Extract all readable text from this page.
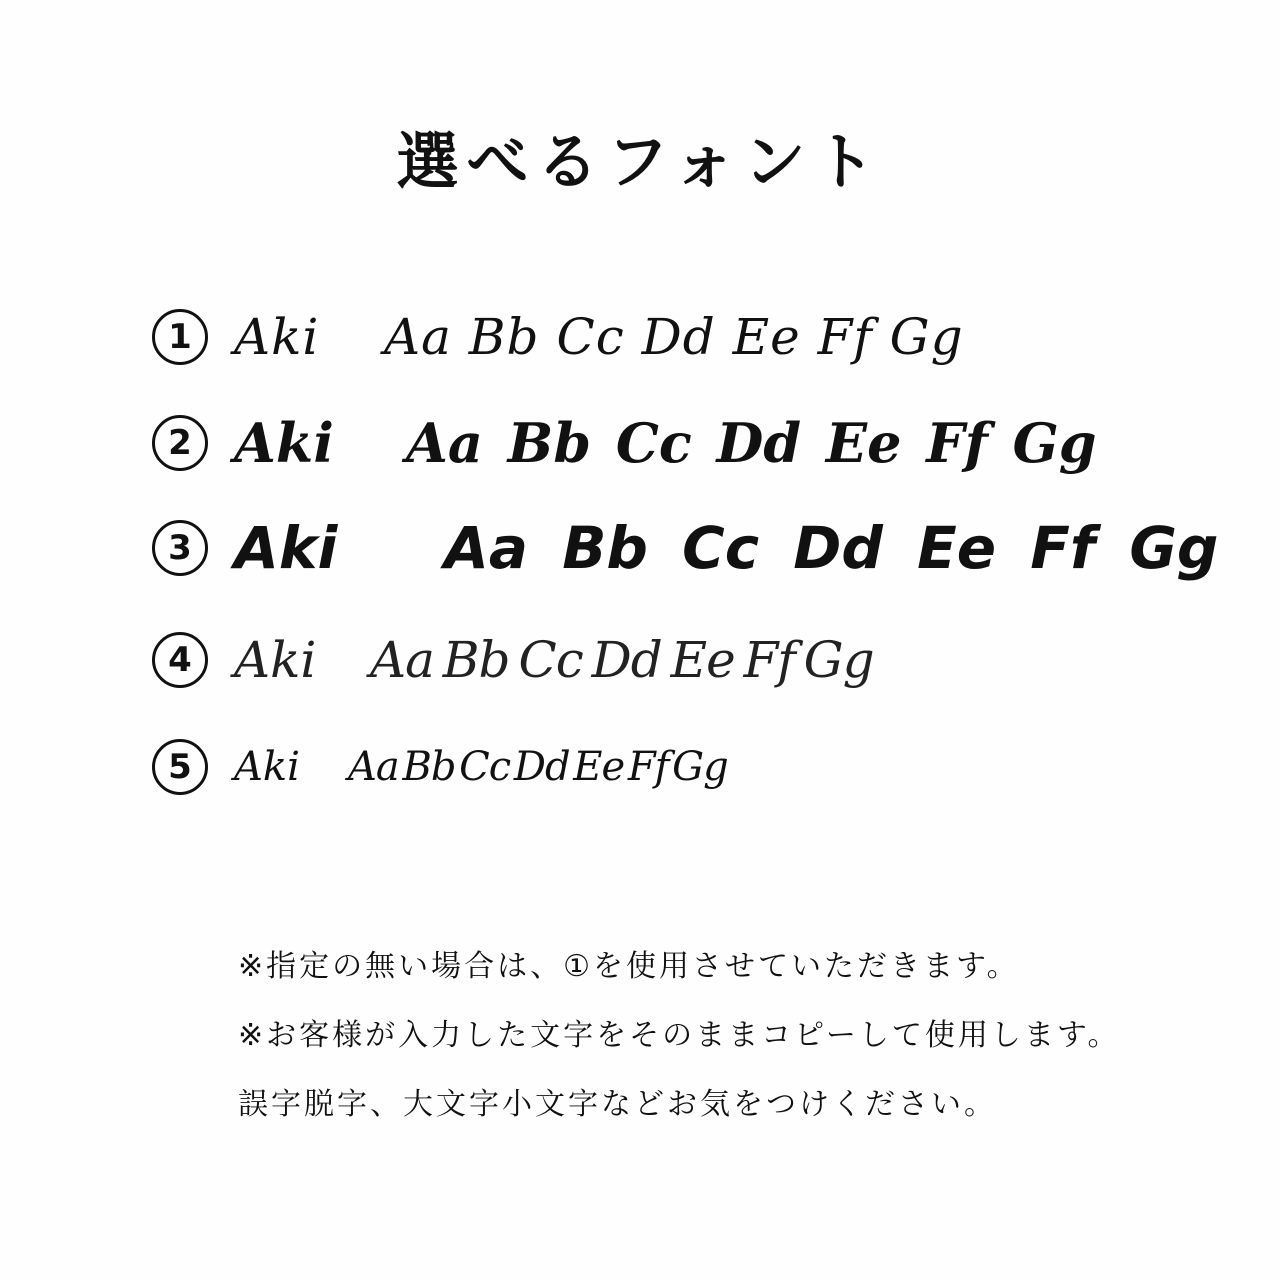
選べるフォント
1 Aki	Aa Bb Cc Dd Ee Ff Gg
2 Aki	Aa Bb Cc Dd Ee Ff Gg
3 Aki	Aa Bb Cc Dd Ee Ff Gg
4 Aki	Aa Bb Cc Dd Ee Ff Gg
5	Aki	Aa Bb Cc Dd Ee Ff Gg
※指定の無い場合は、①を使用させていただきます。
※お客様が入力した文字をそのままコピーして使用します。
誤字脱字、大文字小文字などお気をつけください。
